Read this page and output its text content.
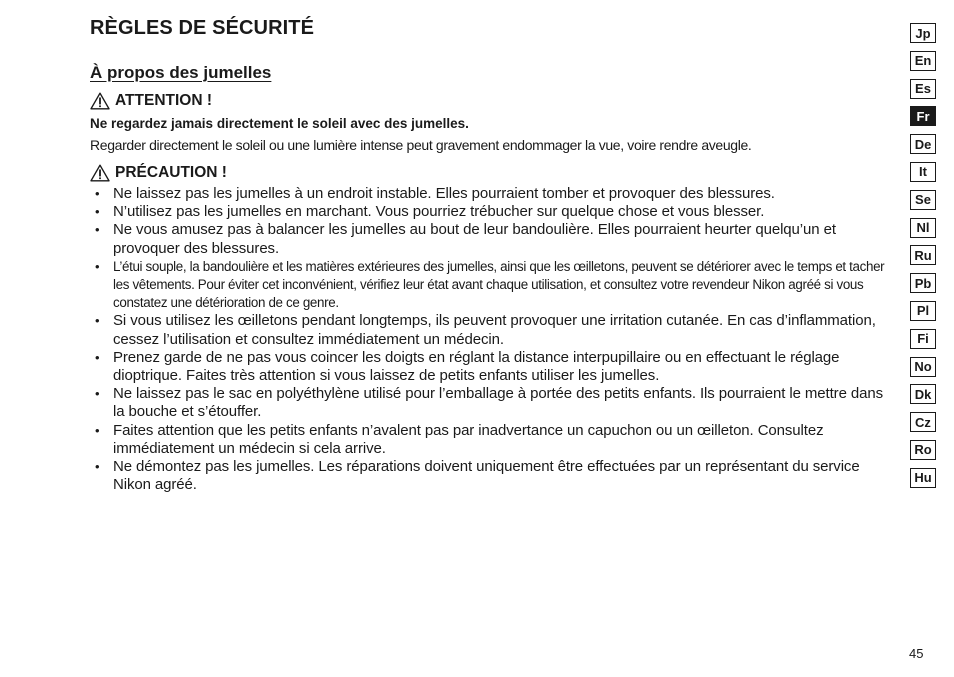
RÈGLES DE SÉCURITÉ
À propos des jumelles
ATTENTION !

Ne regardez jamais directement le soleil avec des jumelles.

Regarder directement le soleil ou une lumière intense peut gravement endommager la vue, voire rendre aveugle.

PRÉCAUTION !
• Ne laissez pas les jumelles à un endroit instable. Elles pourraient tomber et provoquer des blessures.
• N’utilisez pas les jumelles en marchant. Vous pourriez trébucher sur quelque chose et vous blesser.
• Ne vous amusez pas à balancer les jumelles au bout de leur bandoulière. Elles pourraient heurter quelqu’un et provoquer des blessures.
• L’étui souple, la bandoulière et les matières extérieures des jumelles, ainsi que les œilletons, peuvent se détériorer avec le temps et tacher les vêtements. Pour éviter cet inconvénient, vérifiez leur état avant chaque utilisation, et consultez votre revendeur Nikon agréé si vous constatez une détérioration de ce genre.
• Si vous utilisez les œilletons pendant longtemps, ils peuvent provoquer une irritation cutanée. En cas d’inflammation, cessez l’utilisation et consultez immédiatement un médecin.
• Prenez garde de ne pas vous coincer les doigts en réglant la distance interpupillaire ou en effectuant le réglage dioptrique. Faites très attention si vous laissez de petits enfants utiliser les jumelles.
• Ne laissez pas le sac en polyéthylène utilisé pour l’emballage à portée des petits enfants. Ils pourraient le mettre dans la bouche et s’étouffer.
• Faites attention que les petits enfants n’avalent pas par inadvertance un capuchon ou un œilleton. Consultez immédiatement un médecin si cela arrive.
• Ne démontez pas les jumelles. Les réparations doivent uniquement être effectuées par un représentant du service Nikon agréé.
Jp
En
Es
Fr
De
It
Se
Nl
Ru
Pb
Pl
Fi
No
Dk
Cz
Ro
Hu
45
